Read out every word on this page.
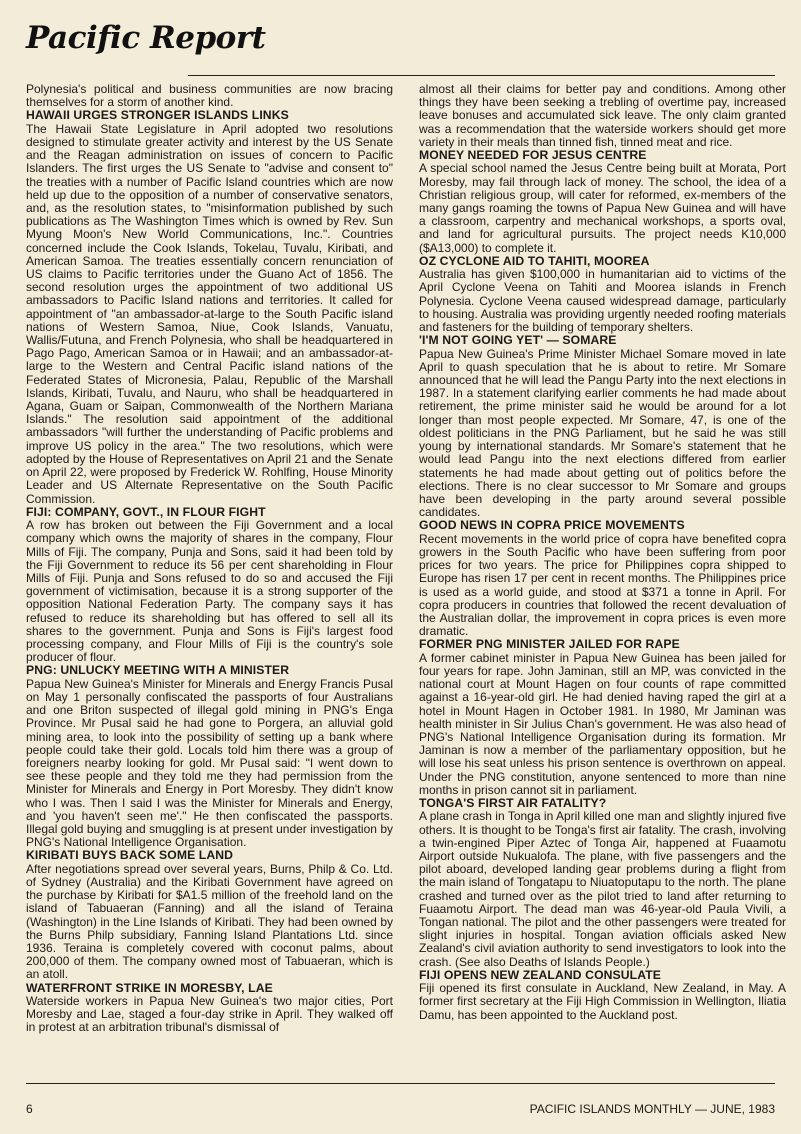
Pacific Report

Polynesia's political and business communities are now bracing themselves for a storm of another kind.

HAWAII URGES STRONGER ISLANDS LINKS

The Hawaii State Legislature in April adopted two resolutions designed to stimulate greater activity and interest by the US Senate and the Reagan administration on issues of concern to Pacific Islanders. The first urges the US Senate to "advise and consent to" the treaties with a number of Pacific Island countries which are now held up due to the opposition of a number of conservative senators, and, as the resolution states, to "misinformation published by such publications as The Washington Times which is owned by Rev. Sun Myung Moon's New World Communications, Inc.". Countries concerned include the Cook Islands, Tokelau, Tuvalu, Kiribati, and American Samoa. The treaties essentially concern renunciation of US claims to Pacific territories under the Guano Act of 1856. The second resolution urges the appointment of two additional US ambassadors to Pacific Island nations and territories. It called for appointment of "an ambassador-at-large to the South Pacific island nations of Western Samoa, Niue, Cook Islands, Vanuatu, Wallis/Futuna, and French Polynesia, who shall be headquartered in Pago Pago, American Samoa or in Hawaii; and an ambassador-at-large to the Western and Central Pacific island nations of the Federated States of Micronesia, Palau, Republic of the Marshall Islands, Kiribati, Tuvalu, and Nauru, who shall be headquartered in Agana, Guam or Saipan, Commonwealth of the Northern Mariana Islands." The resolution said appointment of the additional ambassadors "will further the understanding of Pacific problems and improve US policy in the area." The two resolutions, which were adopted by the House of Representatives on April 21 and the Senate on April 22, were proposed by Frederick W. Rohlfing, House Minority Leader and US Alternate Representative on the South Pacific Commission.

FIJI: COMPANY, GOVT., IN FLOUR FIGHT

A row has broken out between the Fiji Government and a local company which owns the majority of shares in the company, Flour Mills of Fiji. The company, Punja and Sons, said it had been told by the Fiji Government to reduce its 56 per cent shareholding in Flour Mills of Fiji. Punja and Sons refused to do so and accused the Fiji government of victimisation, because it is a strong supporter of the opposition National Federation Party. The company says it has refused to reduce its shareholding but has offered to sell all its shares to the government. Punja and Sons is Fiji's largest food processing company, and Flour Mills of Fiji is the country's sole producer of flour.

PNG: UNLUCKY MEETING WITH A MINISTER

Papua New Guinea's Minister for Minerals and Energy Francis Pusal on May 1 personally confiscated the passports of four Australians and one Briton suspected of illegal gold mining in PNG's Enga Province. Mr Pusal said he had gone to Porgera, an alluvial gold mining area, to look into the possibility of setting up a bank where people could take their gold. Locals told him there was a group of foreigners nearby looking for gold. Mr Pusal said: "I went down to see these people and they told me they had permission from the Minister for Minerals and Energy in Port Moresby. They didn't know who I was. Then I said I was the Minister for Minerals and Energy, and 'you haven't seen me'." He then confiscated the passports. Illegal gold buying and smuggling is at present under investigation by PNG's National Intelligence Organisation.

KIRIBATI BUYS BACK SOME LAND

After negotiations spread over several years, Burns, Philp & Co. Ltd. of Sydney (Australia) and the Kiribati Government have agreed on the purchase by Kiribati for $A1.5 million of the freehold land on the island of Tabuaeran (Fanning) and all the island of Teraina (Washington) in the Line Islands of Kiribati. They had been owned by the Burns Philp subsidiary, Fanning Island Plantations Ltd. since 1936. Teraina is completely covered with coconut palms, about 200,000 of them. The company owned most of Tabuaeran, which is an atoll.

WATERFRONT STRIKE IN MORESBY, LAE

Waterside workers in Papua New Guinea's two major cities, Port Moresby and Lae, staged a four-day strike in April. They walked off in protest at an arbitration tribunal's dismissal of

almost all their claims for better pay and conditions. Among other things they have been seeking a trebling of overtime pay, increased leave bonuses and accumulated sick leave. The only claim granted was a recommendation that the waterside workers should get more variety in their meals than tinned fish, tinned meat and rice.

MONEY NEEDED FOR JESUS CENTRE

A special school named the Jesus Centre being built at Morata, Port Moresby, may fail through lack of money. The school, the idea of a Christian religious group, will cater for reformed, ex-members of the many gangs roaming the towns of Papua New Guinea and will have a classroom, carpentry and mechanical workshops, a sports oval, and land for agricultural pursuits. The project needs K10,000 ($A13,000) to complete it.

OZ CYCLONE AID TO TAHITI, MOOREA

Australia has given $100,000 in humanitarian aid to victims of the April Cyclone Veena on Tahiti and Moorea islands in French Polynesia. Cyclone Veena caused widespread damage, particularly to housing. Australia was providing urgently needed roofing materials and fasteners for the building of temporary shelters.

'I'M NOT GOING YET' — SOMARE

Papua New Guinea's Prime Minister Michael Somare moved in late April to quash speculation that he is about to retire. Mr Somare announced that he will lead the Pangu Party into the next elections in 1987. In a statement clarifying earlier comments he had made about retirement, the prime minister said he would be around for a lot longer than most people expected. Mr Somare, 47, is one of the oldest politicians in the PNG Parliament, but he said he was still young by international standards. Mr Somare's statement that he would lead Pangu into the next elections differed from earlier statements he had made about getting out of politics before the elections. There is no clear successor to Mr Somare and groups have been developing in the party around several possible candidates.

GOOD NEWS IN COPRA PRICE MOVEMENTS

Recent movements in the world price of copra have benefited copra growers in the South Pacific who have been suffering from poor prices for two years. The price for Philippines copra shipped to Europe has risen 17 per cent in recent months. The Philippines price is used as a world guide, and stood at $371 a tonne in April. For copra producers in countries that followed the recent devaluation of the Australian dollar, the improvement in copra prices is even more dramatic.

FORMER PNG MINISTER JAILED FOR RAPE

A former cabinet minister in Papua New Guinea has been jailed for four years for rape. John Jaminan, still an MP, was convicted in the national court at Mount Hagen on four counts of rape committed against a 16-year-old girl. He had denied having raped the girl at a hotel in Mount Hagen in October 1981. In 1980, Mr Jaminan was health minister in Sir Julius Chan's government. He was also head of PNG's National Intelligence Organisation during its formation. Mr Jaminan is now a member of the parliamentary opposition, but he will lose his seat unless his prison sentence is overthrown on appeal. Under the PNG constitution, anyone sentenced to more than nine months in prison cannot sit in parliament.

TONGA'S FIRST AIR FATALITY?

A plane crash in Tonga in April killed one man and slightly injured five others. It is thought to be Tonga's first air fatality. The crash, involving a twin-engined Piper Aztec of Tonga Air, happened at Fuaamotu Airport outside Nukualofa. The plane, with five passengers and the pilot aboard, developed landing gear problems during a flight from the main island of Tongatapu to Niuatoputapu to the north. The plane crashed and turned over as the pilot tried to land after returning to Fuaamotu Airport. The dead man was 46-year-old Paula Vivili, a Tongan national. The pilot and the other passengers were treated for slight injuries in hospital. Tongan aviation officials asked New Zealand's civil aviation authority to send investigators to look into the crash. (See also Deaths of Islands People.)

FIJI OPENS NEW ZEALAND CONSULATE

Fiji opened its first consulate in Auckland, New Zealand, in May. A former first secretary at the Fiji High Commission in Wellington, Iliatia Damu, has been appointed to the Auckland post.

6	PACIFIC ISLANDS MONTHLY — JUNE, 1983
